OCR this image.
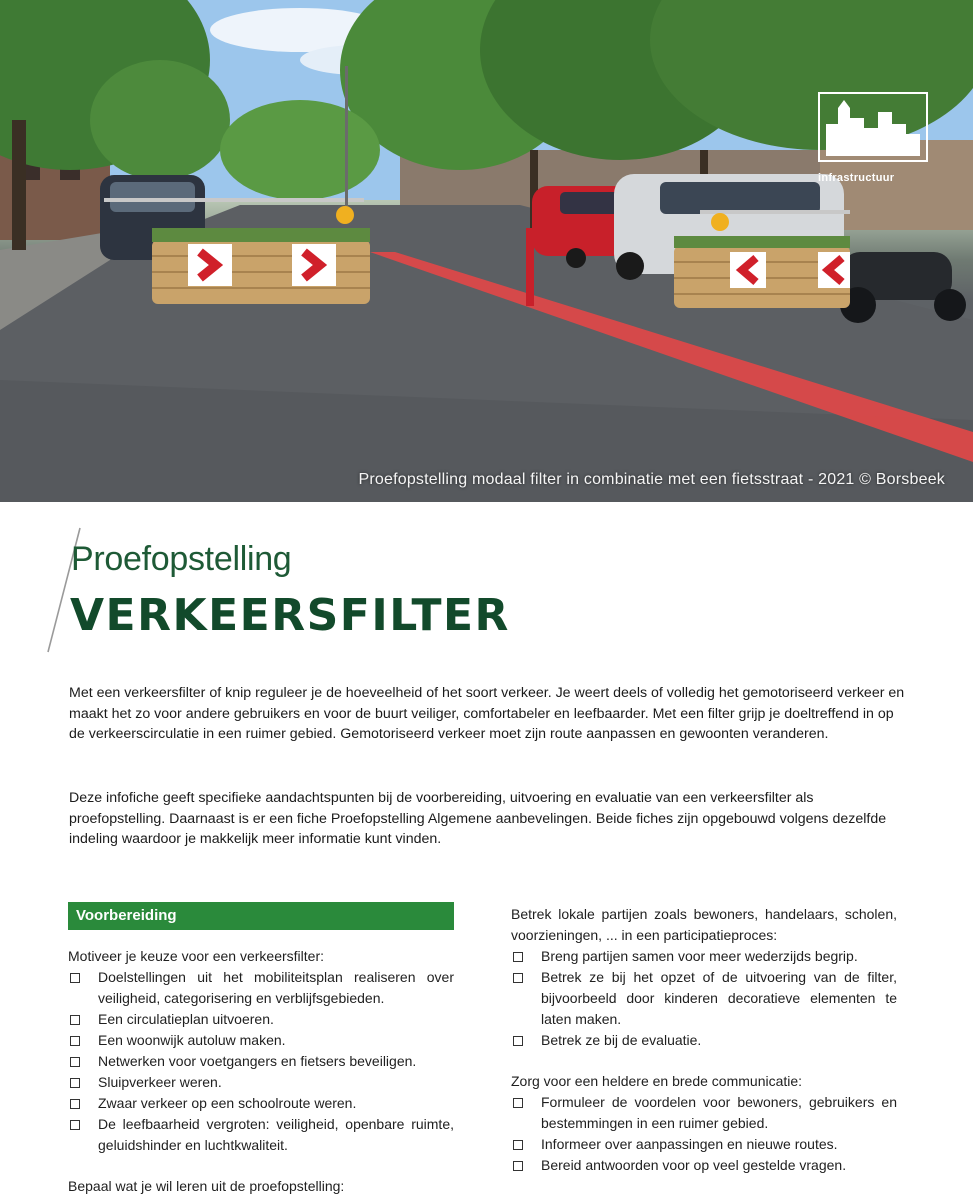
infrastructuur
Proefopstelling modaal filter in combinatie met een fietsstraat - 2021 © Borsbeek
Proefopstelling
VERKEERSFILTER

Met een verkeersfilter of knip reguleer je de hoeveelheid of het soort verkeer. Je weert deels of volledig het gemotoriseerd verkeer en maakt het zo voor andere gebruikers en voor de buurt veiliger, comfortabeler en leefbaarder. Met een filter grijp je doeltreffend in op de verkeerscirculatie in een ruimer gebied. Gemotoriseerd verkeer moet zijn route aanpassen en gewoonten veranderen.

Deze infofiche geeft specifieke aandachtspunten bij de voorbereiding, uitvoering en evaluatie van een verkeersfilter als proefopstelling. Daarnaast is er een fiche Proefopstelling Algemene aanbevelingen. Beide fiches zijn opgebouwd volgens dezelfde indeling waardoor je makkelijk meer informatie kunt vinden.

Voorbereiding

Motiveer je keuze voor een verkeersfilter:

Doelstellingen uit het mobiliteitsplan realiseren over veiligheid, categorisering en verblijfsgebieden.
Een circulatieplan uitvoeren.
Een woonwijk autoluw maken.
Netwerken voor voetgangers en fietsers beveiligen.
Sluipverkeer weren.
Zwaar verkeer op een schoolroute weren.
De leefbaarheid vergroten: veiligheid, openbare ruimte, geluidshinder en luchtkwaliteit.

Bepaal wat je wil leren uit de proefopstelling:

Betrek lokale partijen zoals bewoners, handelaars, scholen, voorzieningen, ... in een participatieproces:

Breng partijen samen voor meer wederzijds begrip.
Betrek ze bij het opzet of de uitvoering van de filter, bijvoorbeeld door kinderen decoratieve elementen te laten maken.
Betrek ze bij de evaluatie.

Zorg voor een heldere en brede communicatie:

Formuleer de voordelen voor bewoners, gebruikers en bestemmingen in een ruimer gebied.
Informeer over aanpassingen en nieuwe routes.
Bereid antwoorden voor op veel gestelde vragen.
